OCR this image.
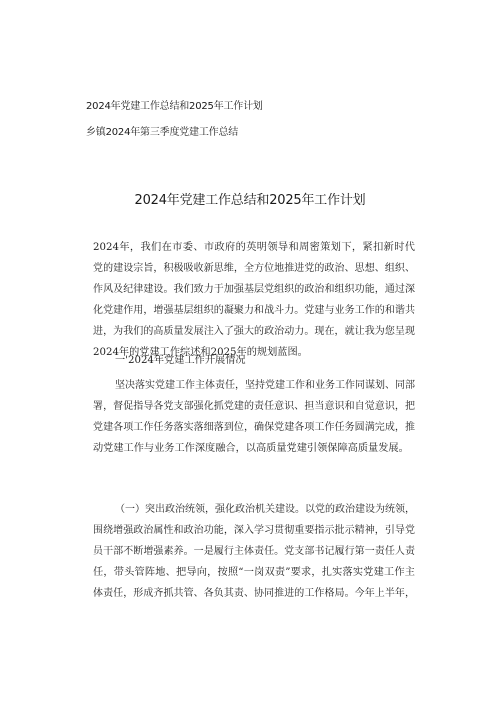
2024年党建工作总结和2025年工作计划
乡镇2024年第三季度党建工作总结
2024年党建工作总结和2025年工作计划
2024年，我们在市委、市政府的英明领导和周密策划下，紧扣新时代
党的建设宗旨，积极吸收新思维，全方位地推进党的政治、思想、组织、
作风及纪律建设。我们致力于加强基层党组织的政治和组织功能，通过深
化党建作用，增强基层组织的凝聚力和战斗力。党建与业务工作的和谐共
进，为我们的高质量发展注入了强大的政治动力。现在，就让我为您呈现
2024年的党建工作综述和2025年的规划蓝图。
一'2024年党建工作开展情况
坚决落实党建工作主体责任，坚持党建工作和业务工作同谋划、同部
署，督促指导各党支部强化抓党建的责任意识、担当意识和自觉意识，把
党建各项工作任务落实落细落到位，确保党建各项工作任务圆满完成，推
动党建工作与业务工作深度融合，以高质量党建引领保障高质量发展。
（一）突出政治统领，强化政治机关建设。以党的政治建设为统领，
围绕增强政治属性和政治功能，深入学习贯彻重要指示批示精神，引导党
员干部不断增强素养。一是履行主体责任。党支部书记履行第一责任人责
任，带头管阵地、把导向，按照“一岗双责”要求，扎实落实党建工作主
体责任，形成齐抓共管、各负其责、协同推进的工作格局。今年上半年，
